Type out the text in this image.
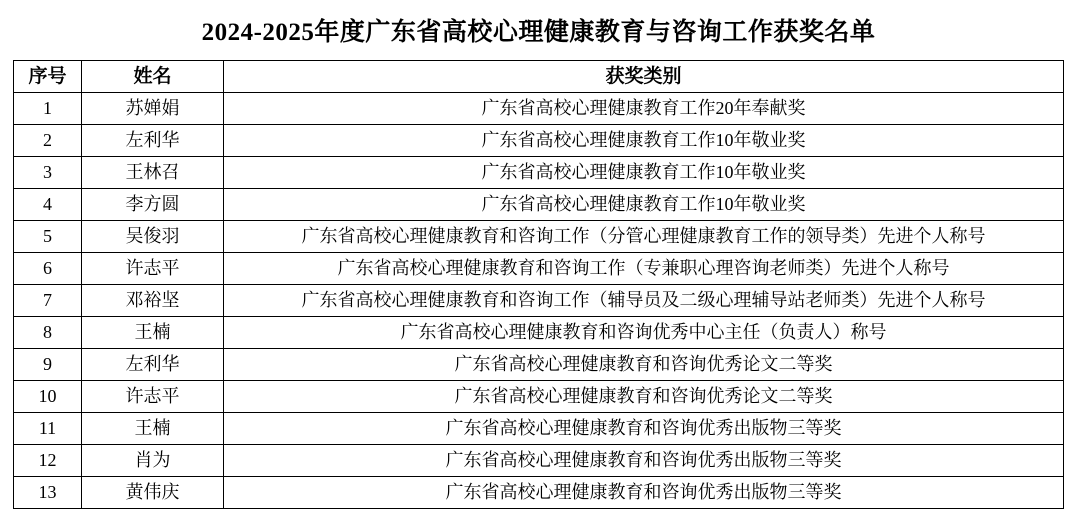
2024-2025年度广东省高校心理健康教育与咨询工作获奖名单
序号	姓名	获奖类别
1	苏婵娟	广东省高校心理健康教育工作20年奉献奖
2	左利华	广东省高校心理健康教育工作10年敬业奖
3	王林召	广东省高校心理健康教育工作10年敬业奖
4	李方圆	广东省高校心理健康教育工作10年敬业奖
5	吴俊羽	广东省高校心理健康教育和咨询工作（分管心理健康教育工作的领导类）先进个人称号
6	许志平	广东省高校心理健康教育和咨询工作（专兼职心理咨询老师类）先进个人称号
7	邓裕坚	广东省高校心理健康教育和咨询工作（辅导员及二级心理辅导站老师类）先进个人称号
8	王楠	广东省高校心理健康教育和咨询优秀中心主任（负责人）称号
9	左利华	广东省高校心理健康教育和咨询优秀论文二等奖
10	许志平	广东省高校心理健康教育和咨询优秀论文二等奖
11	王楠	广东省高校心理健康教育和咨询优秀出版物三等奖
12	肖为	广东省高校心理健康教育和咨询优秀出版物三等奖
13	黄伟庆	广东省高校心理健康教育和咨询优秀出版物三等奖
